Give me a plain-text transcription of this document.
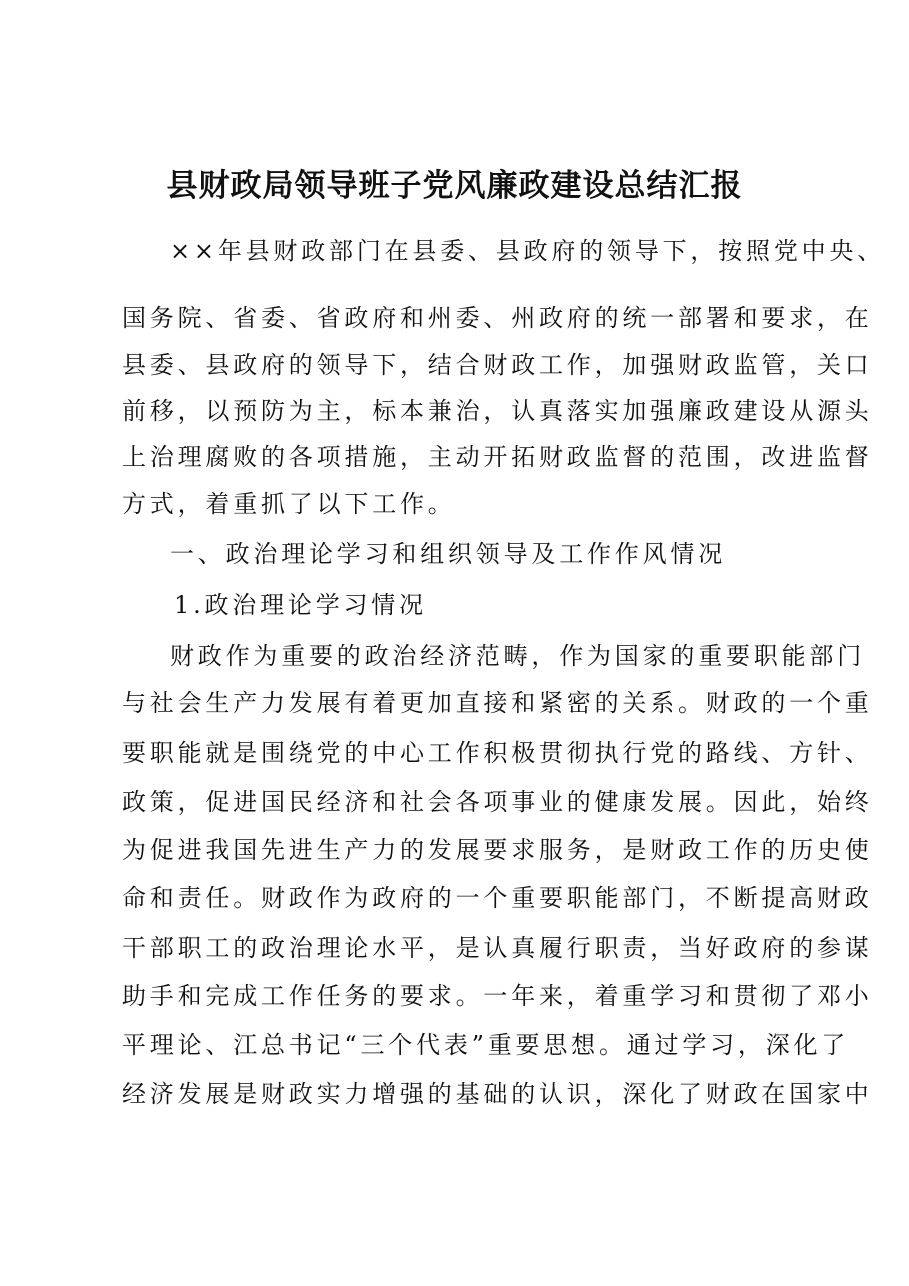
县财政局领导班子党风廉政建设总结汇报
××年县财政部门在县委、县政府的领导下，按照党中央、
国务院、省委、省政府和州委、州政府的统一部署和要求，在
县委、县政府的领导下，结合财政工作，加强财政监管，关口
前移，以预防为主，标本兼治，认真落实加强廉政建设从源头
上治理腐败的各项措施，主动开拓财政监督的范围，改进监督
方式，着重抓了以下工作。
一、政治理论学习和组织领导及工作作风情况
1.政治理论学习情况
财政作为重要的政治经济范畴，作为国家的重要职能部门
与社会生产力发展有着更加直接和紧密的关系。财政的一个重
要职能就是围绕党的中心工作积极贯彻执行党的路线、方针、
政策，促进国民经济和社会各项事业的健康发展。因此，始终
为促进我国先进生产力的发展要求服务，是财政工作的历史使
命和责任。财政作为政府的一个重要职能部门，不断提高财政
干部职工的政治理论水平，是认真履行职责，当好政府的参谋
助手和完成工作任务的要求。一年来，着重学习和贯彻了邓小
平理论、江总书记“三个代表”重要思想。通过学习，深化了
经济发展是财政实力增强的基础的认识，深化了财政在国家中
